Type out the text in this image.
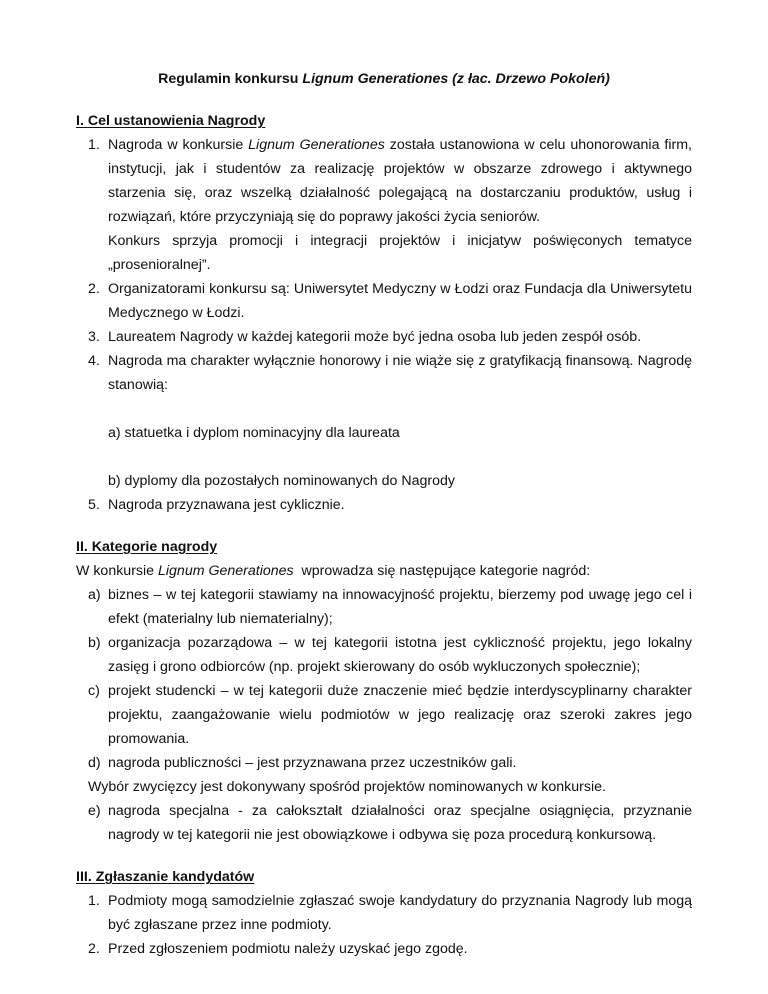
Regulamin konkursu Lignum Generationes (z łac. Drzewo Pokoleń)
I. Cel ustanowienia Nagrody
1. Nagroda w konkursie Lignum Generationes została ustanowiona w celu uhonorowania firm, instytucji, jak i studentów za realizację projektów w obszarze zdrowego i aktywnego starzenia się, oraz wszelką działalność polegającą na dostarczaniu produktów, usług i rozwiązań, które przyczyniają się do poprawy jakości życia seniorów.
Konkurs sprzyja promocji i integracji projektów i inicjatyw poświęconych tematyce „prosenioralnej”.
2. Organizatorami konkursu są: Uniwersytet Medyczny w Łodzi oraz Fundacja dla Uniwersytetu Medycznego w Łodzi.
3. Laureatem Nagrody w każdej kategorii może być jedna osoba lub jeden zespół osób.
4. Nagroda ma charakter wyłącznie honorowy i nie wiąże się z gratyfikacją finansową. Nagrodę stanowią:
a) statuetka i dyplom nominacyjny dla laureata
b) dyplomy dla pozostałych nominowanych do Nagrody
5. Nagroda przyznawana jest cyklicznie.
II. Kategorie nagrody
W konkursie Lignum Generationes  wprowadza się następujące kategorie nagród:
a) biznes – w tej kategorii stawiamy na innowacyjność projektu, bierzemy pod uwagę jego cel i efekt (materialny lub niematerialny);
b) organizacja pozarządowa – w tej kategorii istotna jest cykliczność projektu, jego lokalny zasięg i grono odbiorców (np. projekt skierowany do osób wykluczonych społecznie);
c) projekt studencki – w tej kategorii duże znaczenie mieć będzie interdyscyplinarny charakter projektu, zaangażowanie wielu podmiotów w jego realizację oraz szeroki zakres jego promowania.
d) nagroda publiczności – jest przyznawana przez uczestników gali.
Wybór zwycięzcy jest dokonywany spośród projektów nominowanych w konkursie.
e) nagroda specjalna - za całokształt działalności oraz specjalne osiągnięcia, przyznanie nagrody w tej kategorii nie jest obowiązkowe i odbywa się poza procedurą konkursową.
III. Zgłaszanie kandydatów
1. Podmioty mogą samodzielnie zgłaszać swoje kandydatury do przyznania Nagrody lub mogą być zgłaszane przez inne podmioty.
2. Przed zgłoszeniem podmiotu należy uzyskać jego zgodę.
